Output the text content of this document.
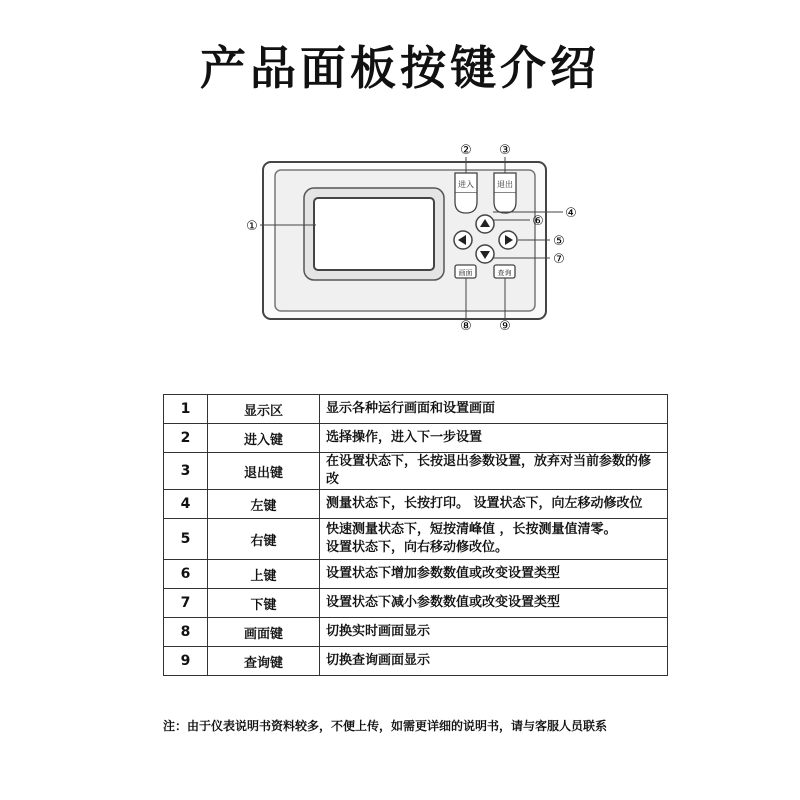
产品面板按键介绍
进入	退出
画面	查询
①
② ③
④
⑤
⑥
⑦
⑧ ⑨
1	显示区	显示各种运行画面和设置画面

2	进入键	选择操作，进入下一步设置

3	退出键	在设置状态下，长按退出参数设置，放弃对当前参数的修改

4	左键	测量状态下，长按打印。 设置状态下，向左移动修改位

5	右键	快速测量状态下，短按清峰值 ，长按测量值清零。
设置状态下，向右移动修改位。

6	上键	设置状态下增加参数数值或改变设置类型

7	下键	设置状态下减小参数数值或改变设置类型

8	画面键	切换实时画面显示

9	查询键	切换查询画面显示
注：由于仪表说明书资料较多，不便上传，如需更详细的说明书，请与客服人员联系
